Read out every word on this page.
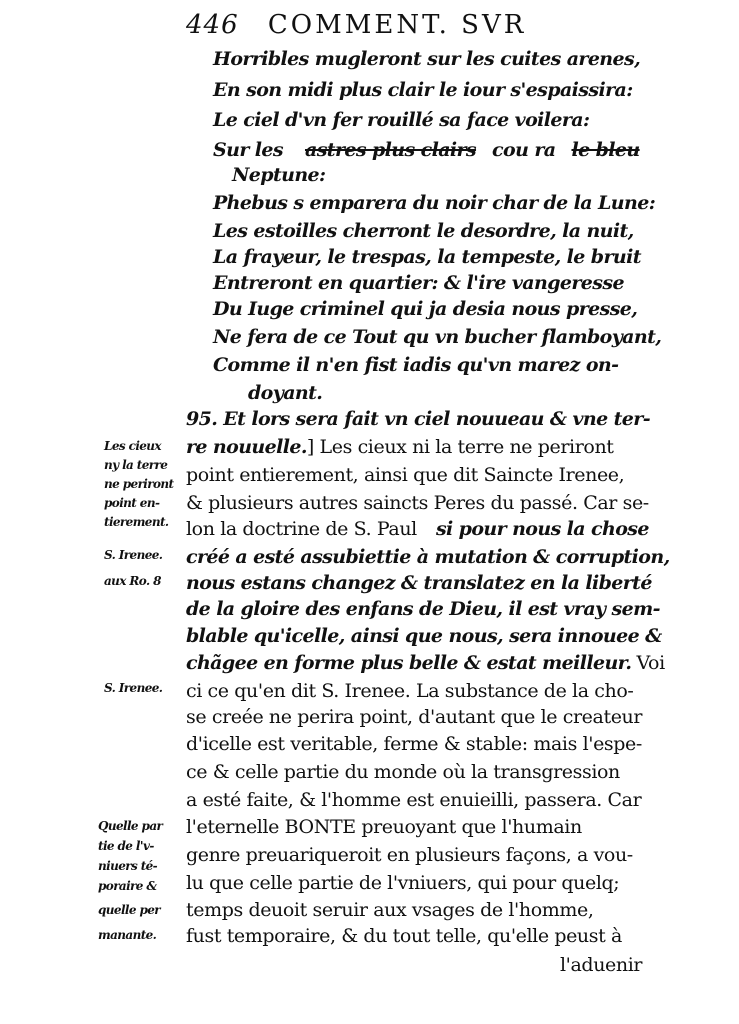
446 COMMENT. SVR
Horribles mugleront sur les cuites arenes,
En son midi plus clair le iour s'espaissira:
Le ciel d'vn fer rouillé sa face voilera:
Sur les astres plus clairs cou ra le bleu
Neptune:
Phebus s emparera du noir char de la Lune:
Les estoilles cherront le desordre, la nuit,
La frayeur, le trespas, la tempeste, le bruit
Entreront en quartier: & l'ire vangeresse
Du Iuge criminel qui ja desia nous presse,
Ne fera de ce Tout qu vn bucher flamboyant,
Comme il n'en fist iadis qu'vn marez on-
doyant.
95. Et lors sera fait vn ciel nouueau & vne ter-
re nouuelle.] Les cieux ni la terre ne periront
point entierement, ainsi que dit Saincte Irenee,
& plusieurs autres saincts Peres du passé. Car se-
lon la doctrine de S. Paul si pour nous la chose
créé a esté assubiettie à mutation & corruption,
nous estans changez & translatez en la liberté
de la gloire des enfans de Dieu, il est vray sem-
blable qu'icelle, ainsi que nous, sera innouee &
chãgee en forme plus belle & estat meilleur. Voi
ci ce qu'en dit S. Irenee. La substance de la cho-
se creée ne perira point, d'autant que le createur
d'icelle est veritable, ferme & stable: mais l'espe-
ce & celle partie du monde où la transgression
a esté faite, & l'homme est enuieilli, passera. Car
l'eternelle BONTE preuoyant que l'humain
genre preuariqueroit en plusieurs façons, a vou-
lu que celle partie de l'vniuers, qui pour quelq;
temps deuoit seruir aux vsages de l'homme,
fust temporaire, & du tout telle, qu'elle peust à
l'aduenir
Les cieux
ny la terre
ne periront
point en-
tierement.
S. Irenee.
aux Ro. 8
S. Irenee.
Quelle par
tie de l'v-
niuers té-
poraire &
quelle per
manante.
